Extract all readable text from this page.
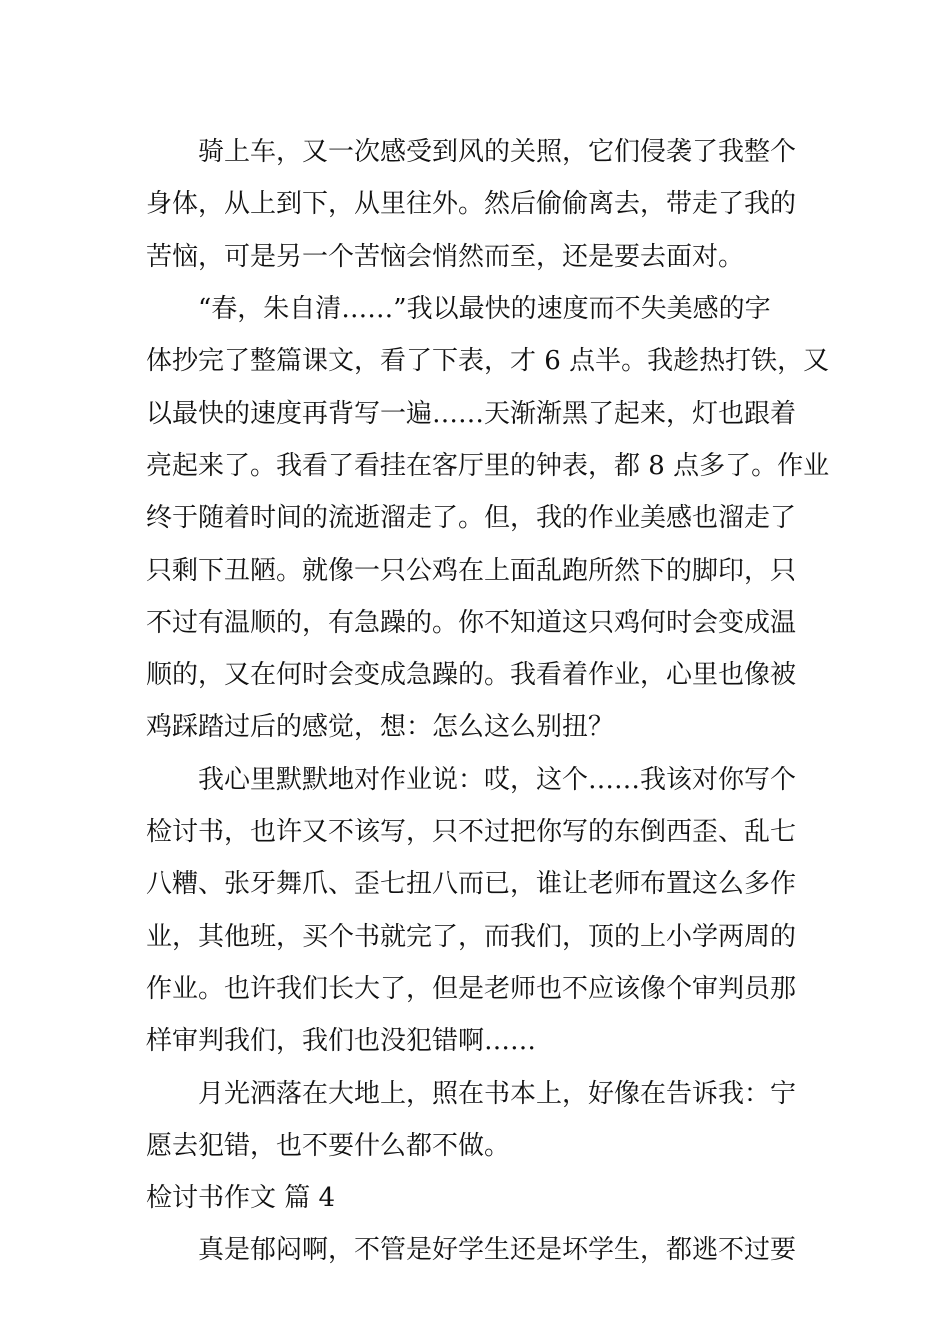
骑上车，又一次感受到风的关照，它们侵袭了我整个
身体，从上到下，从里往外。然后偷偷离去，带走了我的
苦恼，可是另一个苦恼会悄然而至，还是要去面对。
“春，朱自清……”我以最快的速度而不失美感的字
体抄完了整篇课文，看了下表，才 6 点半。我趁热打铁，又
以最快的速度再背写一遍……天渐渐黑了起来，灯也跟着
亮起来了。我看了看挂在客厅里的钟表，都 8 点多了。作业
终于随着时间的流逝溜走了。但，我的作业美感也溜走了
只剩下丑陋。就像一只公鸡在上面乱跑所然下的脚印，只
不过有温顺的，有急躁的。你不知道这只鸡何时会变成温
顺的，又在何时会变成急躁的。我看着作业，心里也像被
鸡踩踏过后的感觉，想：怎么这么别扭？
我心里默默地对作业说：哎，这个……我该对你写个
检讨书，也许又不该写，只不过把你写的东倒西歪、乱七
八糟、张牙舞爪、歪七扭八而已，谁让老师布置这么多作
业，其他班，买个书就完了，而我们，顶的上小学两周的
作业。也许我们长大了，但是老师也不应该像个审判员那
样审判我们，我们也没犯错啊……
月光洒落在大地上，照在书本上，好像在告诉我：宁
愿去犯错，也不要什么都不做。
检讨书作文 篇 4
真是郁闷啊，不管是好学生还是坏学生，都逃不过要
